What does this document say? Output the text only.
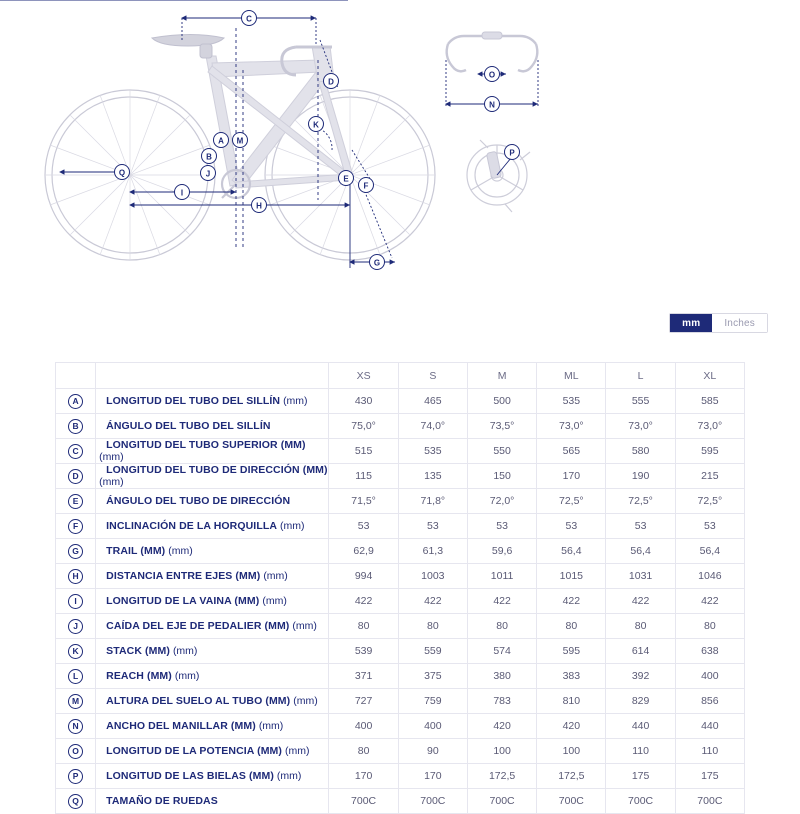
C
D
A
B
J
M
K
E
F
I
H
G
Q
N
O
P
mm	Inches
		XS	S	M	ML	L	XL
A	LONGITUD DEL TUBO DEL SILLÍN (mm)	430	465	500	535	555	585
B	ÁNGULO DEL TUBO DEL SILLÍN	75,0°	74,0°	73,5°	73,0°	73,0°	73,0°
C	LONGITUD DEL TUBO SUPERIOR (MM)(mm)	515	535	550	565	580	595
D	LONGITUD DEL TUBO DE DIRECCIÓN (MM)(mm)	115	135	150	170	190	215
E	ÁNGULO DEL TUBO DE DIRECCIÓN	71,5°	71,8°	72,0°	72,5°	72,5°	72,5°
F	INCLINACIÓN DE LA HORQUILLA (mm)	53	53	53	53	53	53
G	TRAIL (MM) (mm)	62,9	61,3	59,6	56,4	56,4	56,4
H	DISTANCIA ENTRE EJES (MM) (mm)	994	1003	1011	1015	1031	1046
I	LONGITUD DE LA VAINA (MM) (mm)	422	422	422	422	422	422
J	CAÍDA DEL EJE DE PEDALIER (MM) (mm)	80	80	80	80	80	80
K	STACK (MM) (mm)	539	559	574	595	614	638
L	REACH (MM) (mm)	371	375	380	383	392	400
M	ALTURA DEL SUELO AL TUBO (MM) (mm)	727	759	783	810	829	856
N	ANCHO DEL MANILLAR (MM) (mm)	400	400	420	420	440	440
O	LONGITUD DE LA POTENCIA (MM) (mm)	80	90	100	100	110	110
P	LONGITUD DE LAS BIELAS (MM) (mm)	170	170	172,5	172,5	175	175
Q	TAMAÑO DE RUEDAS	700C	700C	700C	700C	700C	700C
